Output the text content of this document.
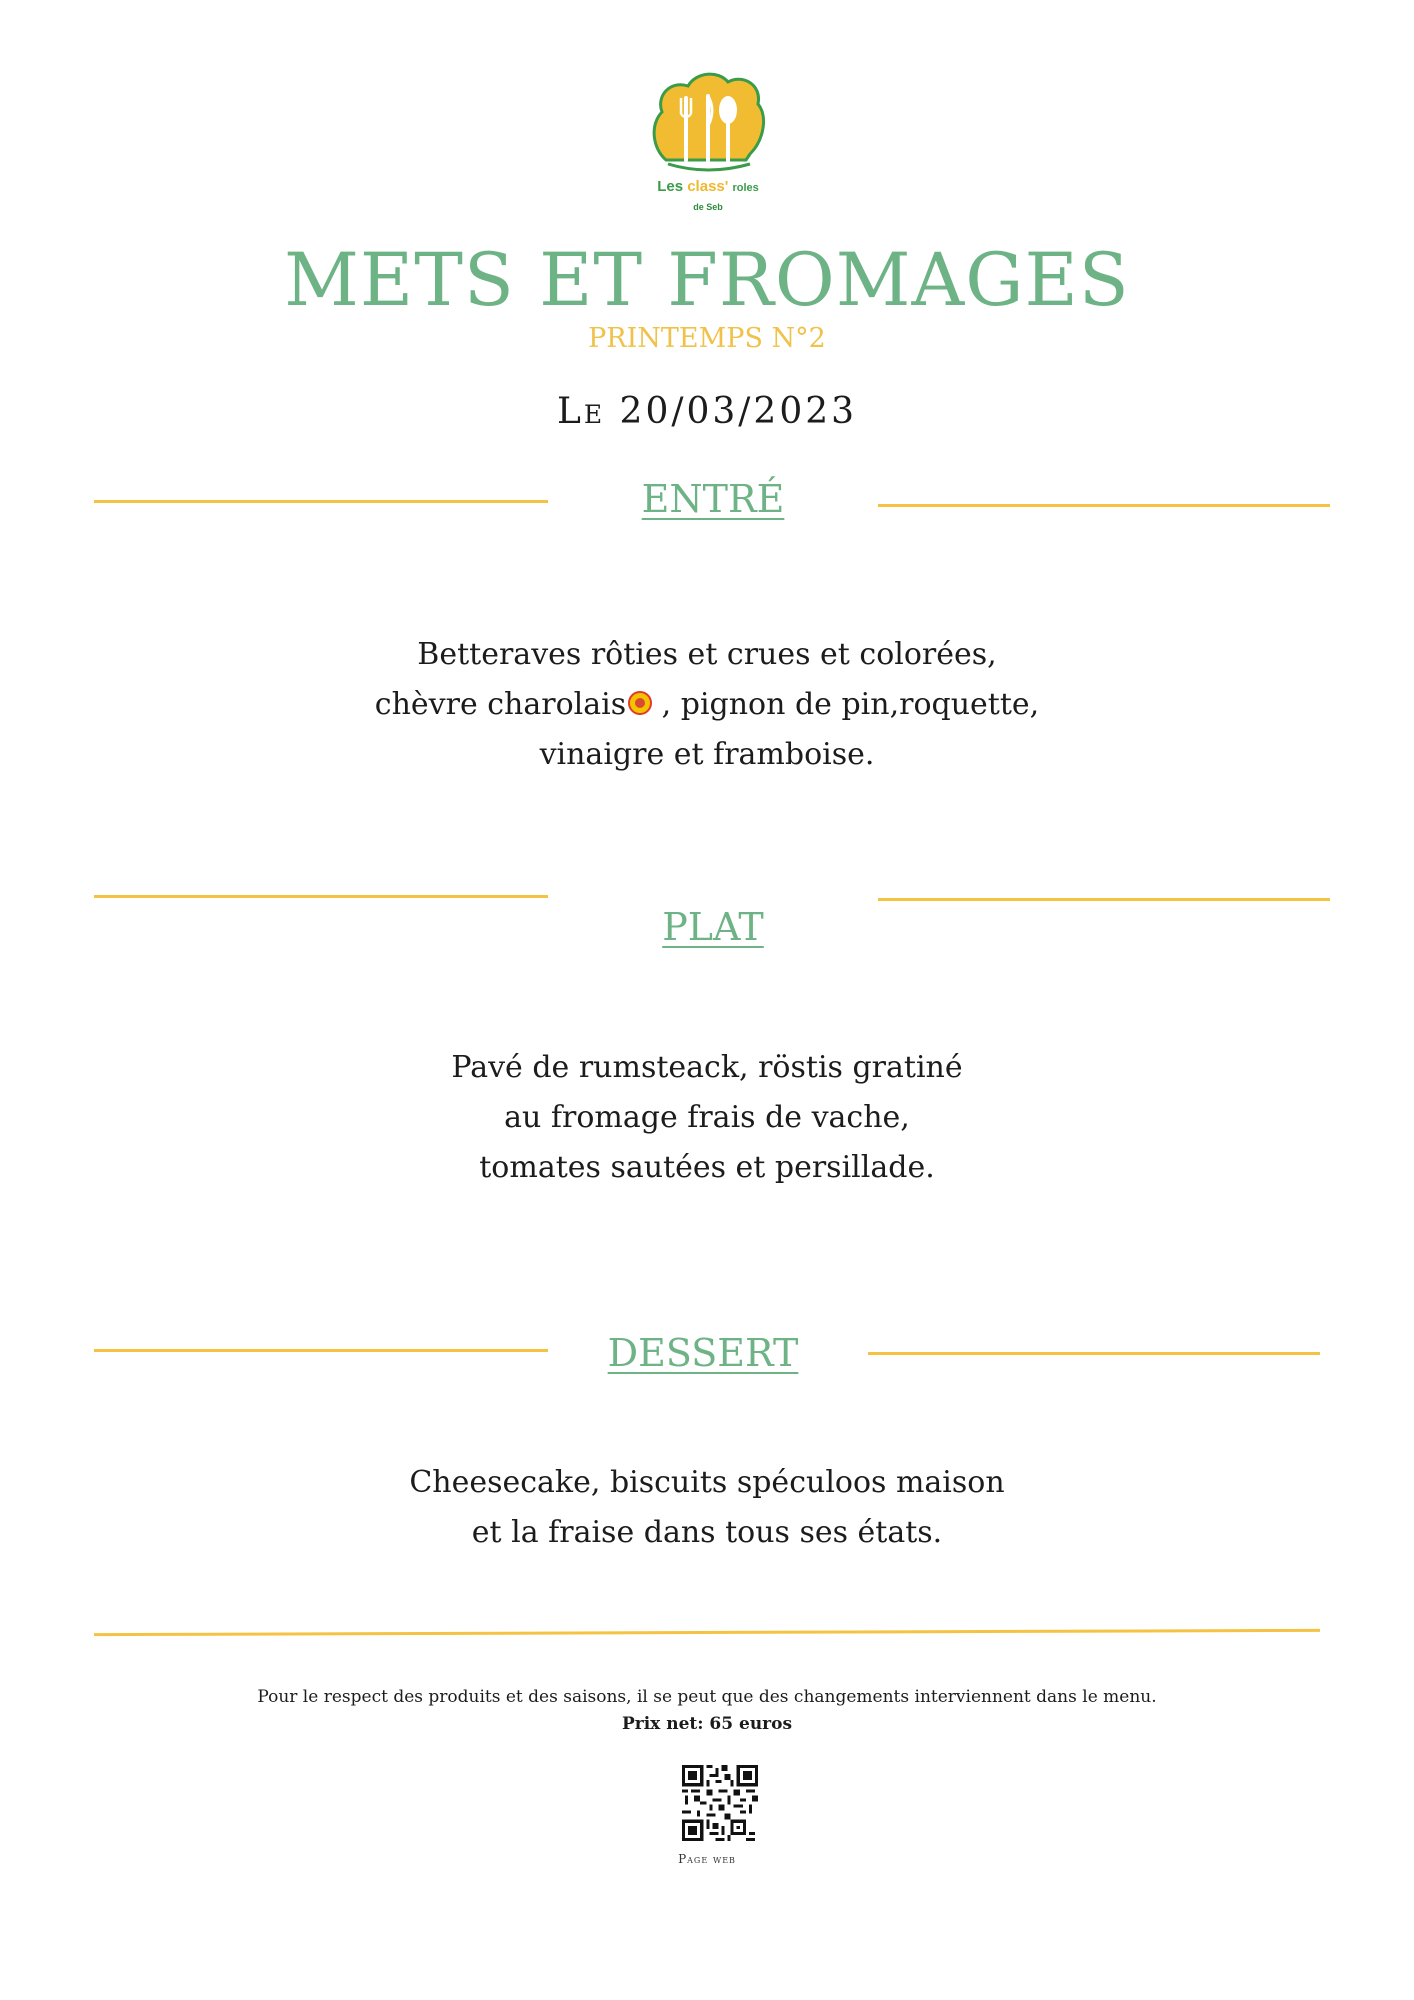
Les class' roles
de Seb
METS ET FROMAGES
PRINTEMPS N°2
Le 20/03/2023
ENTRÉ
Betteraves rôties et crues et colorées,
chèvre charolais , pignon de pin,roquette,
vinaigre et framboise.
PLAT
Pavé de rumsteack, röstis gratiné
au fromage frais de vache,
tomates sautées et persillade.
DESSERT
Cheesecake, biscuits spéculoos maison
et la fraise dans tous ses états.
Pour le respect des produits et des saisons, il se peut que des changements interviennent dans le menu.
Prix net: 65 euros
Page web
